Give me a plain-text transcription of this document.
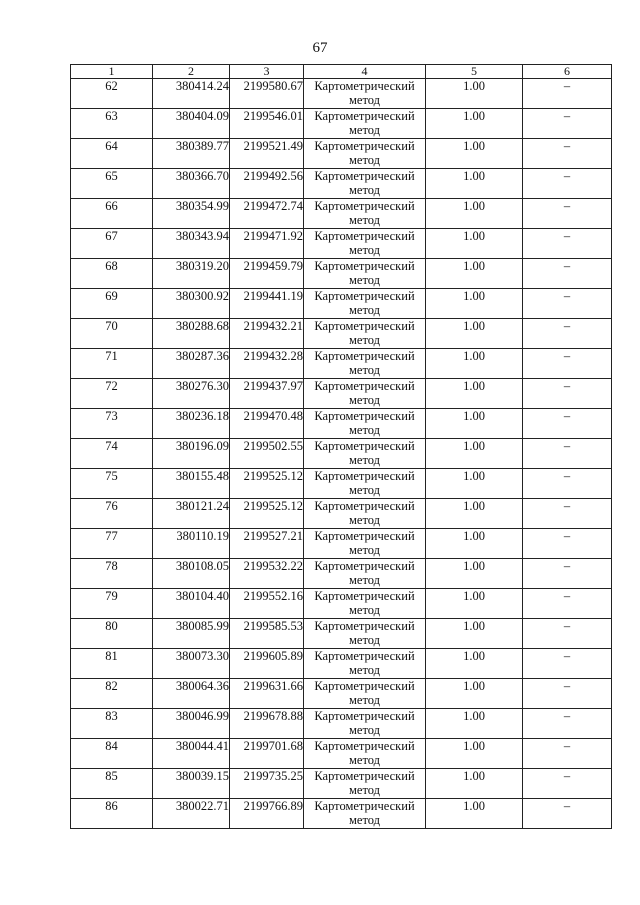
67
1	2	3	4	5	6
62	380414.24	2199580.67	Картометрический
метод	1.00	–
63	380404.09	2199546.01	Картометрический
метод	1.00	–
64	380389.77	2199521.49	Картометрический
метод	1.00	–
65	380366.70	2199492.56	Картометрический
метод	1.00	–
66	380354.99	2199472.74	Картометрический
метод	1.00	–
67	380343.94	2199471.92	Картометрический
метод	1.00	–
68	380319.20	2199459.79	Картометрический
метод	1.00	–
69	380300.92	2199441.19	Картометрический
метод	1.00	–
70	380288.68	2199432.21	Картометрический
метод	1.00	–
71	380287.36	2199432.28	Картометрический
метод	1.00	–
72	380276.30	2199437.97	Картометрический
метод	1.00	–
73	380236.18	2199470.48	Картометрический
метод	1.00	–
74	380196.09	2199502.55	Картометрический
метод	1.00	–
75	380155.48	2199525.12	Картометрический
метод	1.00	–
76	380121.24	2199525.12	Картометрический
метод	1.00	–
77	380110.19	2199527.21	Картометрический
метод	1.00	–
78	380108.05	2199532.22	Картометрический
метод	1.00	–
79	380104.40	2199552.16	Картометрический
метод	1.00	–
80	380085.99	2199585.53	Картометрический
метод	1.00	–
81	380073.30	2199605.89	Картометрический
метод	1.00	–
82	380064.36	2199631.66	Картометрический
метод	1.00	–
83	380046.99	2199678.88	Картометрический
метод	1.00	–
84	380044.41	2199701.68	Картометрический
метод	1.00	–
85	380039.15	2199735.25	Картометрический
метод	1.00	–
86	380022.71	2199766.89	Картометрический
метод	1.00	–
